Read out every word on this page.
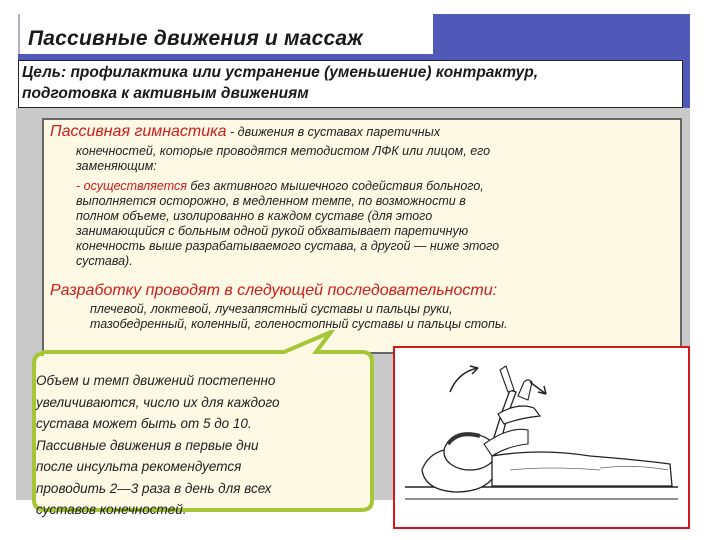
Пассивные движения и массаж
Цель: профилактика или устранение (уменьшение) контрактур,
подготовка к активным движениям
Пассивная гимнастика - движения в суставах паретичных
конечностей, которые проводятся методистом ЛФК или лицом, его
заменяющим:
- осуществляется без активного мышечного содействия больного,
выполняется осторожно, в медленном темпе, по возможности в
полном объеме, изолированно в каждом суставе (для этого
занимающийся с больным одной рукой обхватывает паретичную
конечность выше разрабатываемого сустава, а другой — ниже этого
сустава).
Разработку проводят в следующей последовательности:
плечевой, локтевой, лучезапястный суставы и пальцы руки,
тазобедренный, коленный, голеностопный суставы и пальцы стопы.
Объем и темп движений постепенно
увеличиваются, число их для каждого
сустава может быть от 5 до 10.
Пассивные движения в первые дни
после инсульта рекомендуется
проводить 2—3 раза в день для всех
суставов конечностей.
